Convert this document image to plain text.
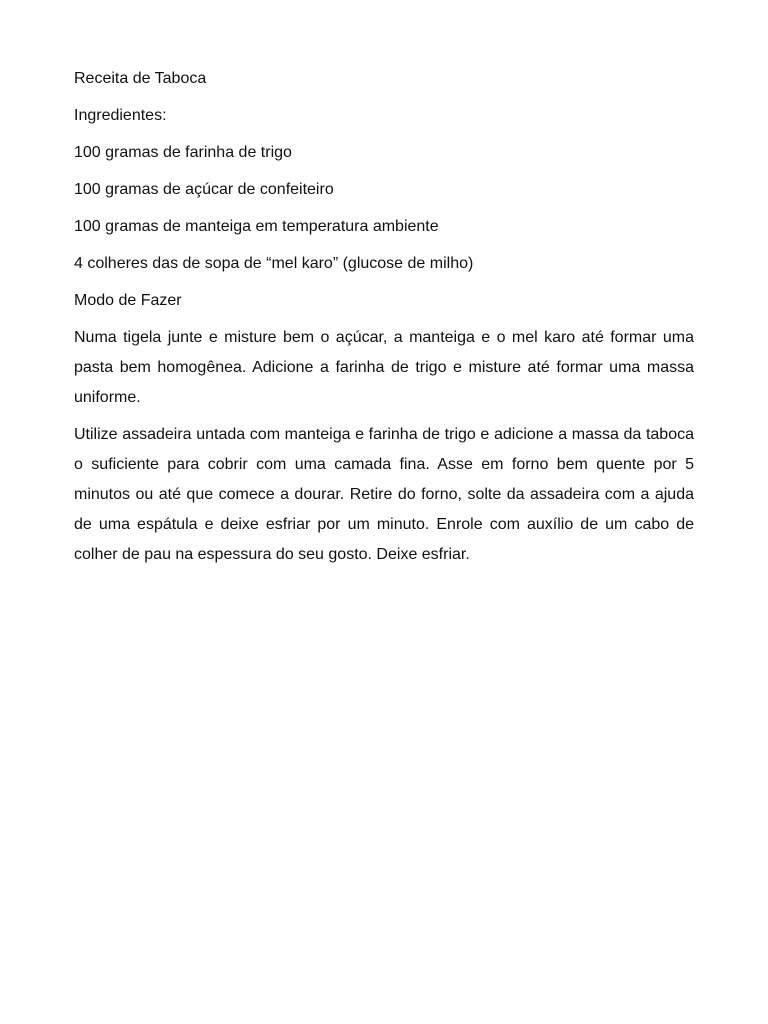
Receita de Taboca

Ingredientes:

100 gramas de farinha de trigo

100 gramas de açúcar de confeiteiro

100 gramas de manteiga em temperatura ambiente

4 colheres das de sopa de “mel karo” (glucose de milho)

Modo de Fazer

Numa tigela junte e misture bem o açúcar, a manteiga e o mel karo até formar uma pasta bem homogênea. Adicione a farinha de trigo e misture até formar uma massa uniforme.

Utilize assadeira untada com manteiga e farinha de trigo e adicione a massa da taboca o suficiente para cobrir com uma camada fina. Asse em forno bem quente por 5 minutos ou até que comece a dourar. Retire do forno, solte da assadeira com a ajuda de uma espátula e deixe esfriar por um minuto. Enrole com auxílio de um cabo de colher de pau na espessura do seu gosto. Deixe esfriar.
